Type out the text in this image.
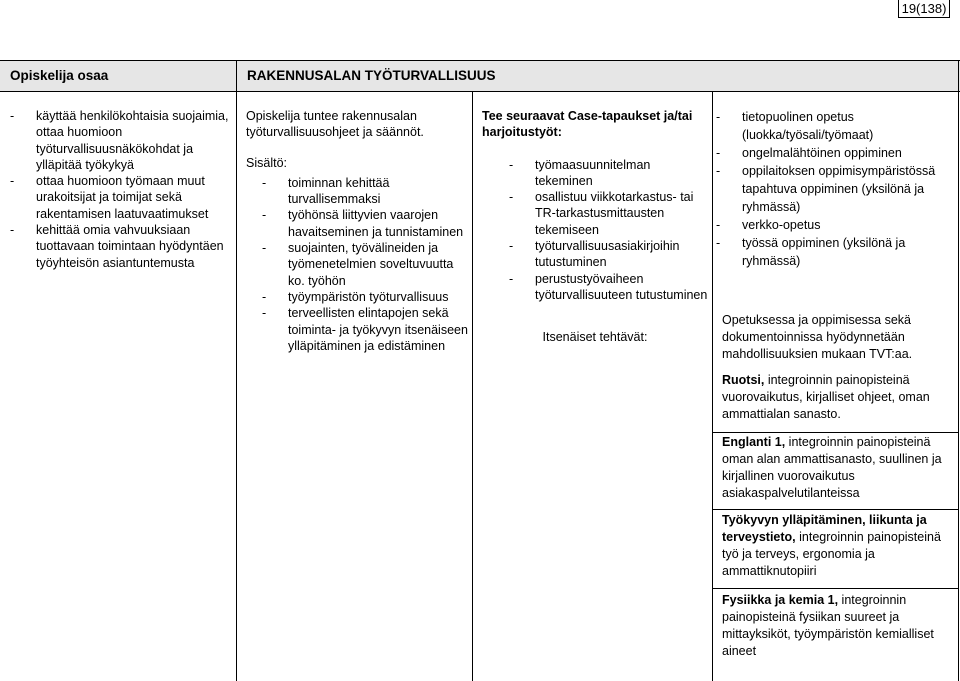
19(138)
Opiskelija osaa	RAKENNUSALAN TYÖTURVALLISUUS

- käyttää henkilökohtaisia suojaimia, ottaa huomioon työturvallisuusnäkökohdat ja ylläpitää työkykyä

- ottaa huomioon työmaan muut urakoitsijat ja toimijat sekä rakentamisen laatuvaatimukset

- kehittää omia vahvuuksiaan tuottavaan toimintaan hyödyntäen työyhteisön asiantuntemusta

Opiskelija tuntee rakennusalan työturvallisuusohjeet ja säännöt.

Sisältö:

- toiminnan kehittää turvallisemmaksi

- työhönsä liittyvien vaarojen havaitseminen ja tunnistaminen

- suojainten, työvälineiden ja työmenetelmien soveltuvuutta ko. työhön

- työympäristön työturvallisuus

- terveellisten elintapojen sekä toiminta- ja työkyvyn itsenäiseen ylläpitäminen ja edistäminen

Tee seuraavat Case-tapaukset ja/tai harjoitustyöt:

- työmaasuunnitelman tekeminen

- osallistuu viikkotarkastus- tai TR-tarkastusmittausten tekemiseen

- työturvallisuusasiakirjoihin tutustuminen

- perustustyövaiheen työturvallisuuteen tutustuminen

Itsenäiset tehtävät:

- tietopuolinen opetus (luokka/työsali/työmaat)

- ongelmalähtöinen oppiminen

- oppilaitoksen oppimisympäristössä tapahtuva oppiminen (yksilönä ja ryhmässä)

- verkko-opetus

- työssä oppiminen (yksilönä ja ryhmässä)

Opetuksessa ja oppimisessa sekä dokumentoinnissa hyödynnetään mahdollisuuksien mukaan TVT:aa.

Ruotsi, integroinnin painopisteinä vuorovaikutus, kirjalliset ohjeet, oman ammattialan sanasto.

Englanti 1, integroinnin painopisteinä oman alan ammattisanasto, suullinen ja kirjallinen vuorovaikutus asiakaspalvelutilanteissa

Työkyvyn ylläpitäminen, liikunta ja terveystieto, integroinnin painopisteinä työ ja terveys, ergonomia ja ammattiknutopiiri

Fysiikka ja kemia 1, integroinnin painopisteinä fysiikan suureet ja mittayksiköt, työympäristön kemialliset aineet
